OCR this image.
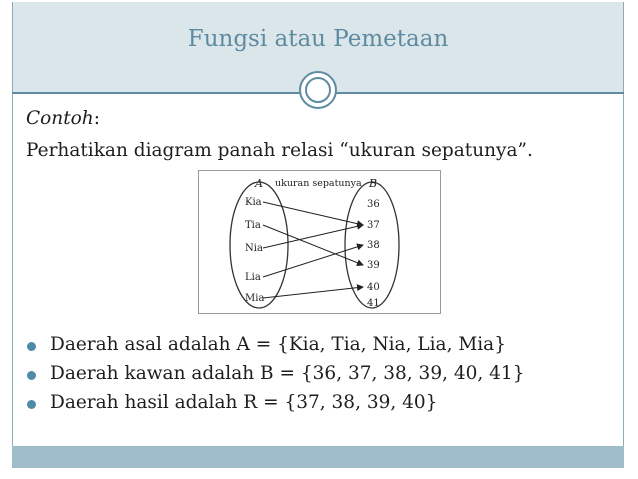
Fungsi atau Pemetaan
Contoh:
Perhatikan diagram panah relasi “ukuran sepatunya”.
A	B
ukuran sepatunya
Kia
Tia
Nia
Lia
Mia
36
37
38
39
40
41
Daerah asal adalah A = {Kia, Tia, Nia, Lia, Mia}
Daerah kawan adalah B = {36, 37, 38, 39, 40, 41}
Daerah hasil adalah R = {37, 38, 39, 40}
